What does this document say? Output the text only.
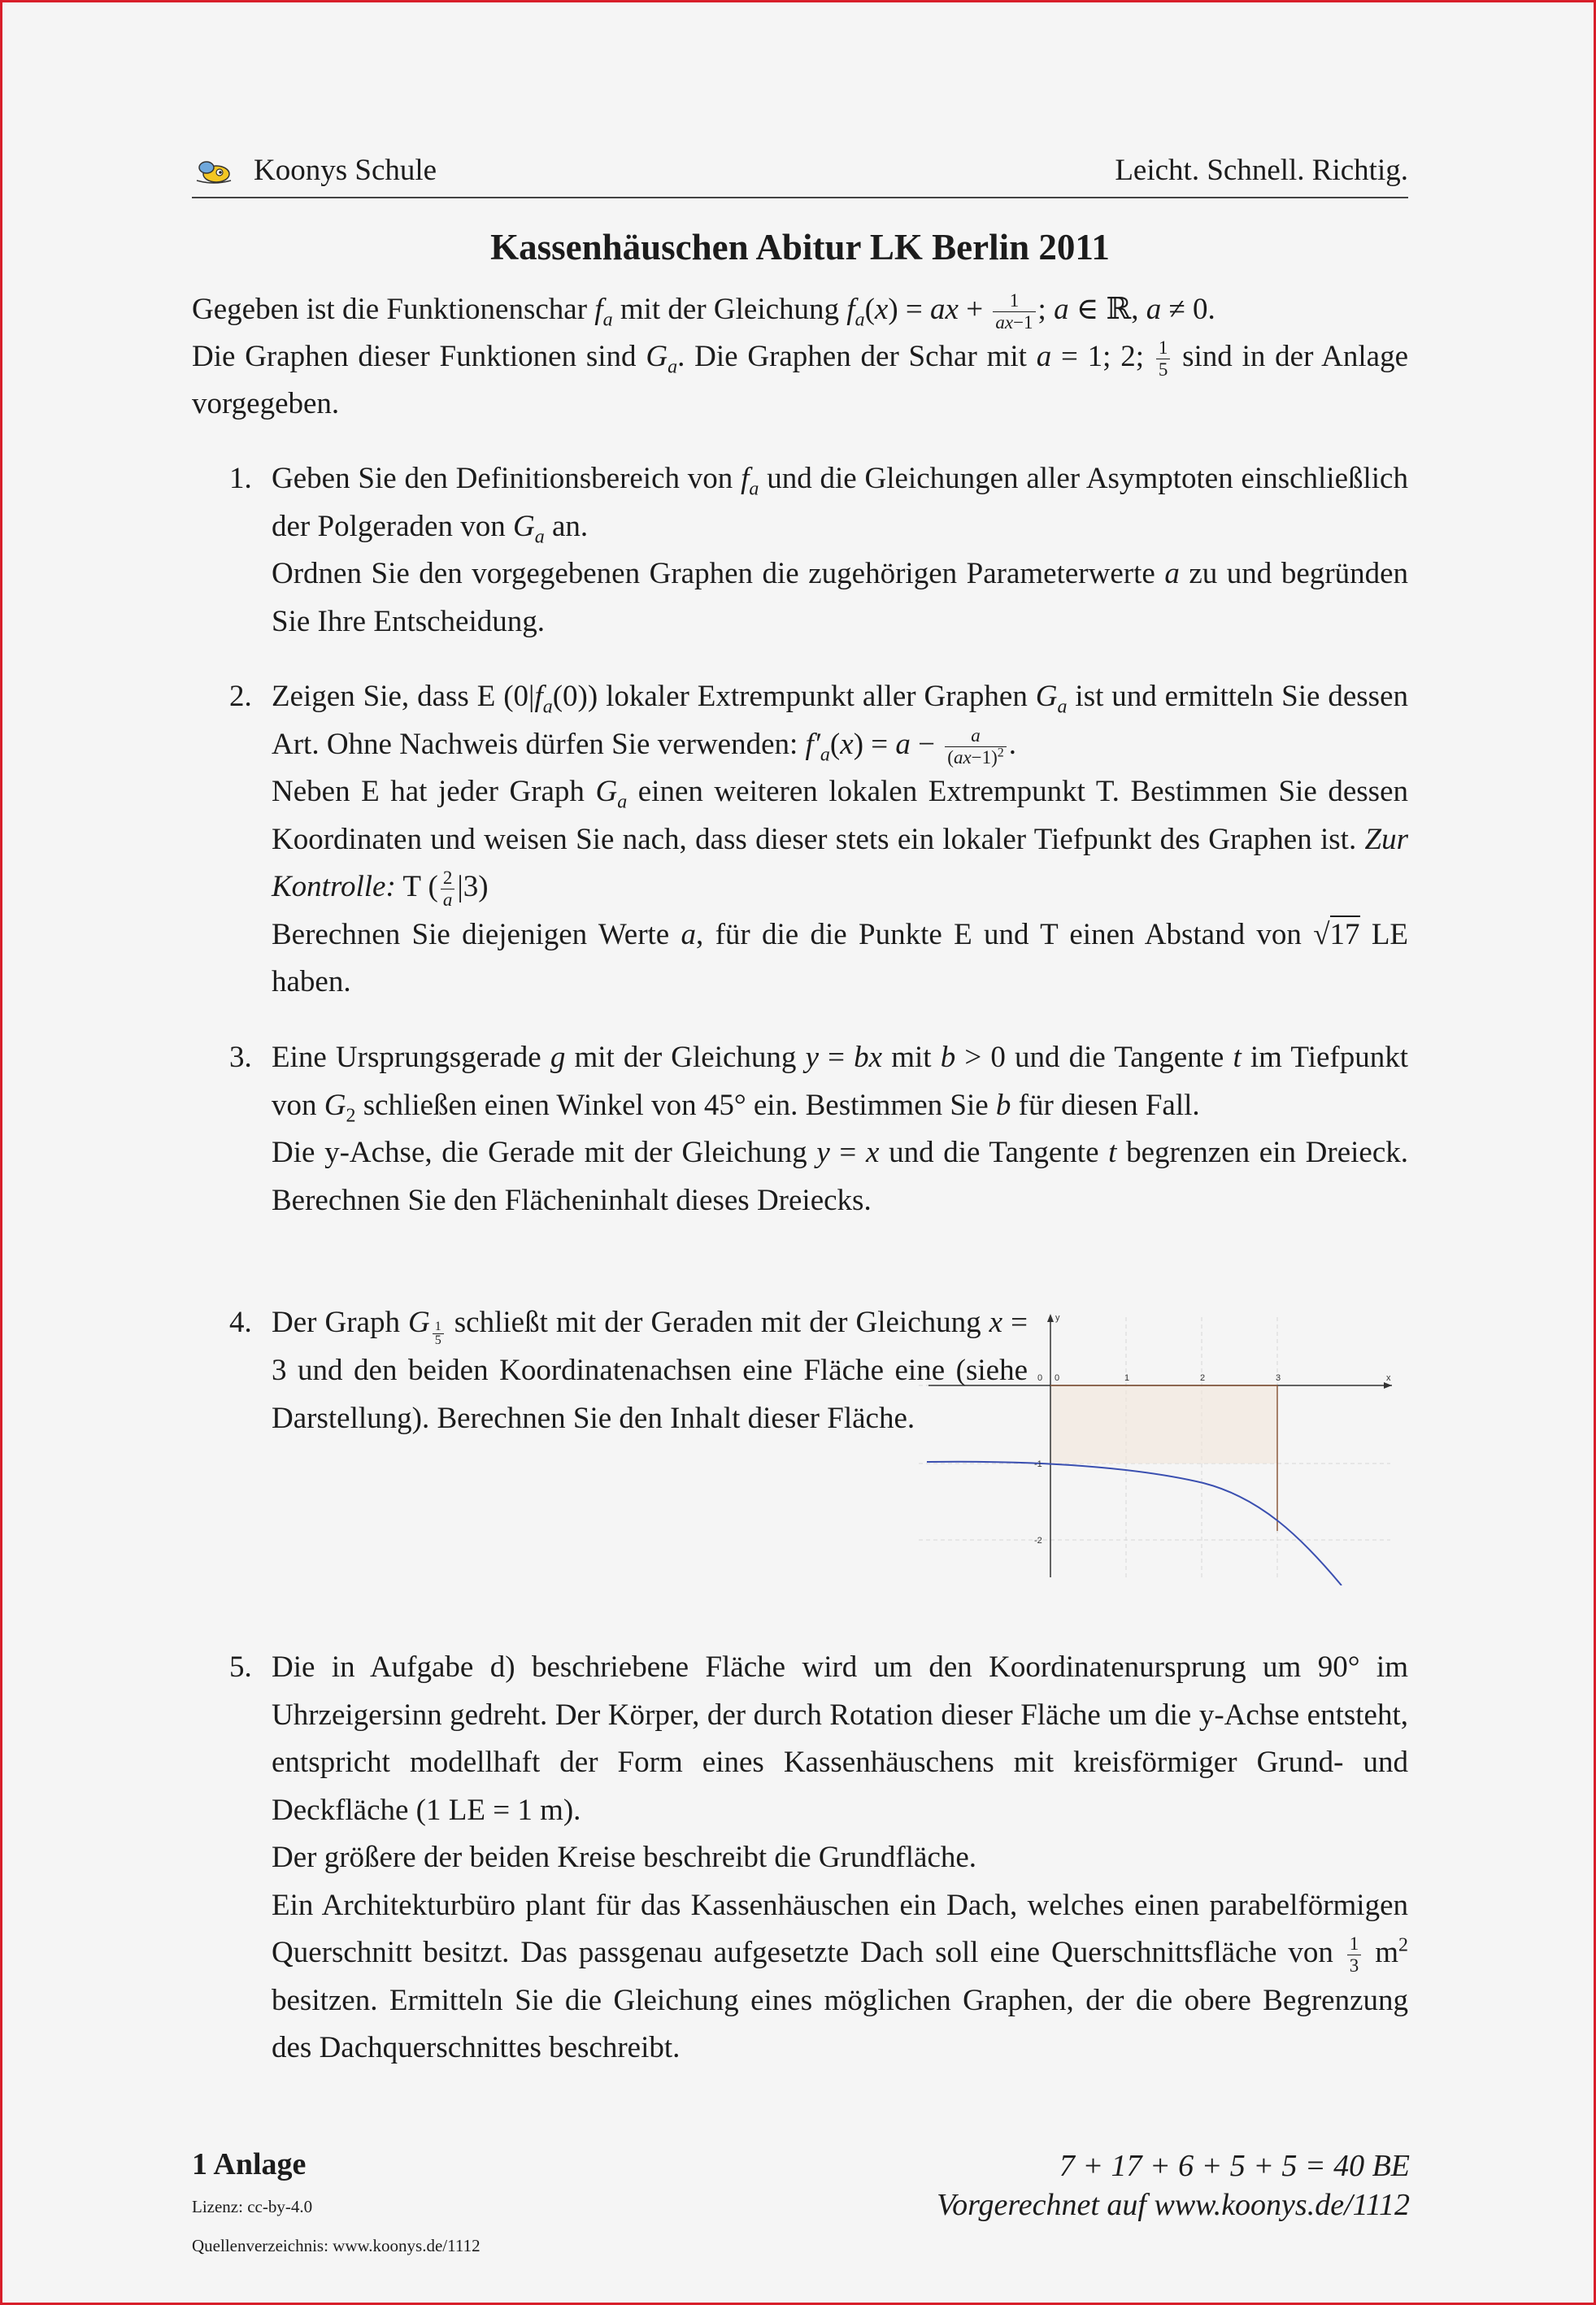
Koonys Schule	Leicht. Schnell. Richtig.
Kassenhäuschen Abitur LK Berlin 2011
Gegeben ist die Funktionenschar $f_a$ mit der Gleichung $f_a(x)$ = ax + $\frac{1}{ax-1}$ ; a ∈ ℝ, a ≠ 0.
Die Graphen dieser Funktionen sind $G_a$. Die Graphen der Schar mit a = 1; 2; $\frac{1}{5}$ sind in der Anlage vorgegeben.
1. Geben Sie den Definitionsbereich von $f_a$ und die Gleichungen aller Asymptoten einschließlich der Polgeraden von $G_a$ an.

Ordnen Sie den vorgegebenen Graphen die zugehörigen Parameterwerte a zu und begründen Sie Ihre Entscheidung.

2. Zeigen Sie, dass E $(0|f_a(0))$ lokaler Extrempunkt aller Graphen $G_a$ ist und ermitteln Sie dessen Art. Ohne Nachweis dürfen Sie verwenden: $f'_a(x) = a - \frac{a}{(ax-1)^2}$ .

Neben E hat jeder Graph $G_a$ einen weiteren lokalen Extrempunkt T. Bestimmen Sie dessen Koordinaten und weisen Sie nach, dass dieser stets ein lokaler Tiefpunkt des Graphen ist. Zur Kontrolle: T ( $\frac{2}{a} |3$)

Berechnen Sie diejenigen Werte a, für die die Punkte E und T einen Abstand von √17 LE haben.

3. Eine Ursprungsgerade g mit der Gleichung y = bx mit b > 0 und die Tangente t im Tiefpunkt von $G_2$ schließen einen Winkel von 45° ein. Bestimmen Sie b für diesen Fall.

Die y-Achse, die Gerade mit der Gleichung y = x und die Tangente t begrenzen ein Dreieck. Berechnen Sie den Flächeninhalt dieses Dreiecks.

4. Der Graph G $_{\frac{1}{5}}$ schließt mit der Geraden mit der Gleichung x = 3 und den beiden Koordinatenachsen eine Fläche eine (siehe Darstellung). Berechnen Sie den Inhalt dieser Fläche.

5. Die in Aufgabe d) beschriebene Fläche wird um den Koordinatenursprung um 90° im Uhrzeigersinn gedreht. Der Körper, der durch Rotation dieser Fläche um die y-Achse entsteht, entspricht modellhaft der Form eines Kassenhäuschens mit kreisförmiger Grund- und Deckfläche (1 LE = 1 m).

Der größere der beiden Kreise beschreibt die Grundfläche.

Ein Architekturbüro plant für das Kassenhäuschen ein Dach, welches einen parabelförmigen Querschnitt besitzt. Das passgenau aufgesetzte Dach soll eine Querschnittsfläche von $\frac{1}{3} m^2$ besitzen. Ermitteln Sie die Gleichung eines möglichen Graphen, der die obere Begrenzung des Dachquerschnittes beschreibt.

x
y
0 0	1	2	3
-1
-2
1 Anlage
Lizenz: cc-by-4.0
Quellenverzeichnis: www.koonys.de/1112
7 + 17 + 6 + 5 + 5 = 40 BE
Vorgerechnet auf www.koonys.de/1112
